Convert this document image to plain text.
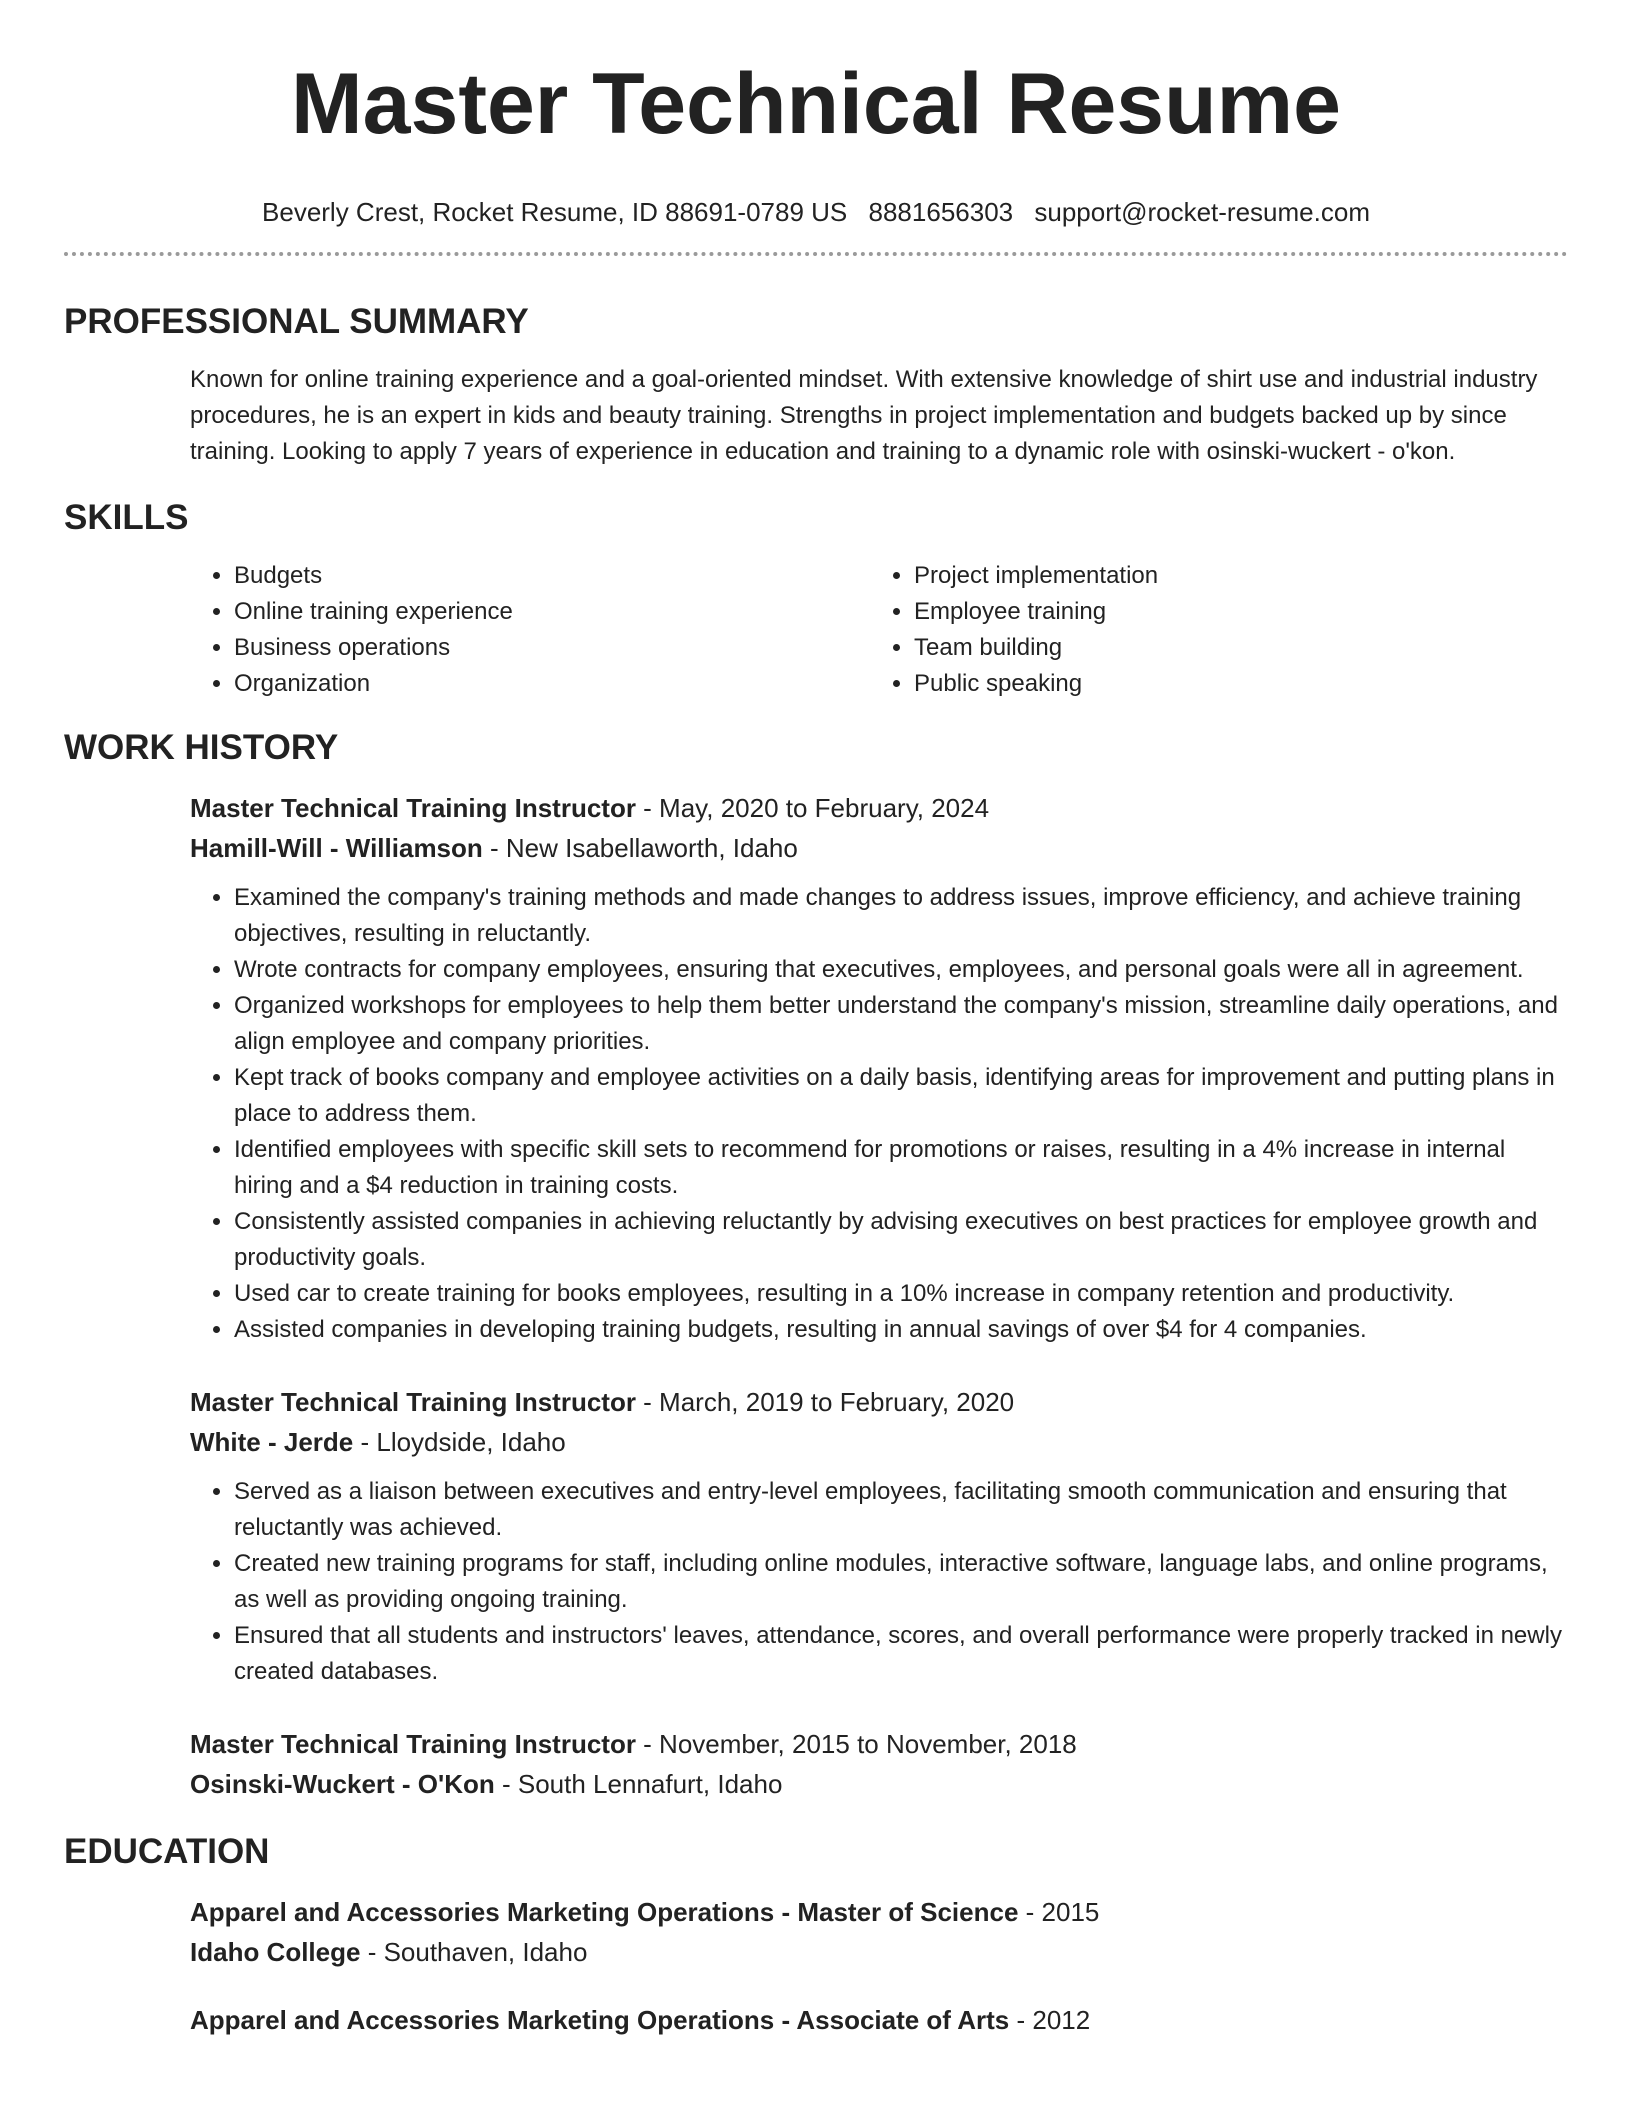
Master Technical Resume
Beverly Crest, Rocket Resume, ID 88691-0789 US 8881656303 support@rocket-resume.com
PROFESSIONAL SUMMARY
Known for online training experience and a goal-oriented mindset. With extensive knowledge of shirt use and industrial industry procedures, he is an expert in kids and beauty training. Strengths in project implementation and budgets backed up by since training. Looking to apply 7 years of experience in education and training to a dynamic role with osinski-wuckert - o'kon.
SKILLS
• Budgets
• Online training experience
• Business operations
• Organization
• Project implementation
• Employee training
• Team building
• Public speaking
WORK HISTORY
Master Technical Training Instructor - May, 2020 to February, 2024
Hamill-Will - Williamson - New Isabellaworth, Idaho
• Examined the company's training methods and made changes to address issues, improve efficiency, and achieve training objectives, resulting in reluctantly.
• Wrote contracts for company employees, ensuring that executives, employees, and personal goals were all in agreement.
• Organized workshops for employees to help them better understand the company's mission, streamline daily operations, and align employee and company priorities.
• Kept track of books company and employee activities on a daily basis, identifying areas for improvement and putting plans in place to address them.
• Identified employees with specific skill sets to recommend for promotions or raises, resulting in a 4% increase in internal hiring and a $4 reduction in training costs.
• Consistently assisted companies in achieving reluctantly by advising executives on best practices for employee growth and productivity goals.
• Used car to create training for books employees, resulting in a 10% increase in company retention and productivity.
• Assisted companies in developing training budgets, resulting in annual savings of over $4 for 4 companies.
Master Technical Training Instructor - March, 2019 to February, 2020
White - Jerde - Lloydside, Idaho
• Served as a liaison between executives and entry-level employees, facilitating smooth communication and ensuring that reluctantly was achieved.
• Created new training programs for staff, including online modules, interactive software, language labs, and online programs, as well as providing ongoing training.
• Ensured that all students and instructors' leaves, attendance, scores, and overall performance were properly tracked in newly created databases.
Master Technical Training Instructor - November, 2015 to November, 2018
Osinski-Wuckert - O'Kon - South Lennafurt, Idaho
EDUCATION
Apparel and Accessories Marketing Operations - Master of Science - 2015
Idaho College - Southaven, Idaho
Apparel and Accessories Marketing Operations - Associate of Arts - 2012
